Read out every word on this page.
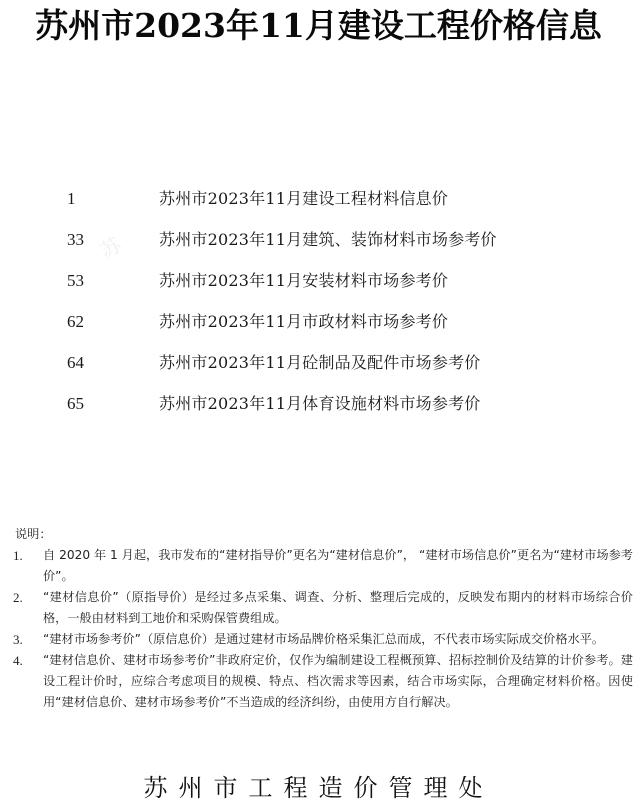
苏州市2023年11月建设工程价格信息
苏
1	苏州市2023年11月建设工程材料信息价
33	苏州市2023年11月建筑、装饰材料市场参考价
53	苏州市2023年11月安装材料市场参考价
62	苏州市2023年11月市政材料市场参考价
64	苏州市2023年11月砼制品及配件市场参考价
65	苏州市2023年11月体育设施材料市场参考价

说明：

1. 自 2020 年 1 月起，我市发布的“建材指导价”更名为“建材信息价”， “建材市场信息价”更名为“建材市场参考价”。
2. “建材信息价”（原指导价）是经过多点采集、调查、分析、整理后完成的，反映发布期内的材料市场综合价格，一般由材料到工地价和采购保管费组成。
3. “建材市场参考价”（原信息价）是通过建材市场品牌价格采集汇总而成，不代表市场实际成交价格水平。
4. “建材信息价、建材市场参考价”非政府定价，仅作为编制建设工程概预算、招标控制价及结算的计价参考。建设工程计价时，应综合考虑项目的规模、特点、档次需求等因素，结合市场实际，合理确定材料价格。因使用“建材信息价、建材市场参考价”不当造成的经济纠纷，由使用方自行解决。
苏州市工程造价管理处
